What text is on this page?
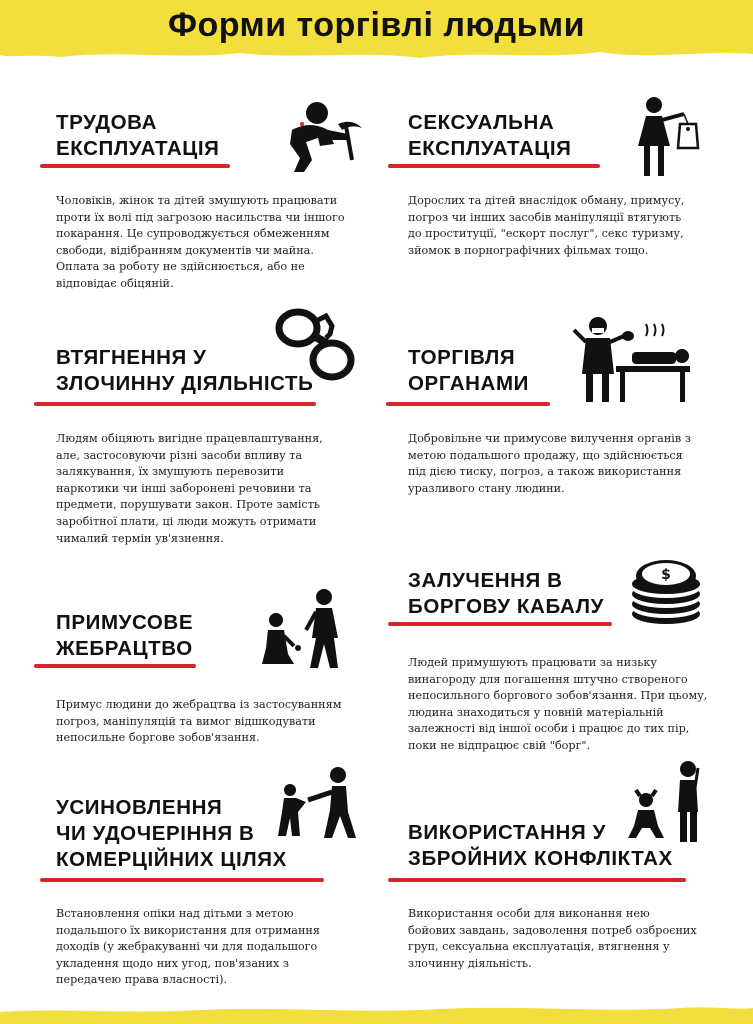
Форми торгівлі людьми
ТРУДОВА
ЕКСПЛУАТАЦІЯ
Чоловіків, жінок та дітей змушують працювати проти їх волі під загрозою насильства чи іншого покарання. Це супроводжується обмеженням свободи, відібранням документів чи майна. Оплата за роботу не здійснюється, або не відповідає обіцяній.
СЕКСУАЛЬНА
ЕКСПЛУАТАЦІЯ
Дорослих та дітей внаслідок обману, примусу, погроз чи інших засобів маніпуляції втягують до проституції, "ескорт послуг", секс туризму, зйомок в порнографічних фільмах тощо.
ВТЯГНЕННЯ У
ЗЛОЧИННУ ДІЯЛЬНІСТЬ
Людям обіцяють вигідне працевлаштування, але, застосовуючи різні засоби впливу та залякування, їх змушують перевозити наркотики чи інші заборонені речовини та предмети, порушувати закон. Проте замість заробітної плати, ці люди можуть отримати чималий термін ув'язнення.
ТОРГІВЛЯ
ОРГАНАМИ
Добровільне чи примусове вилучення органів з метою подальшого продажу, що здійснюється під дією тиску, погроз, а також використання уразливого стану людини.
ЗАЛУЧЕННЯ В
БОРГОВУ КАБАЛУ
Людей примушують працювати за низьку винагороду для погашення штучно створеного непосильного боргового зобов'язання. При цьому, людина знаходиться у повній матеріальній залежності від іншої особи і працює до тих пір, поки не відпрацює свій "борг".
$
ПРИМУСОВЕ
ЖЕБРАЦТВО
Примус людини до жебрацтва із застосуванням погроз, маніпуляцій та вимог відшкодувати непосильне боргове зобов'язання.
УСИНОВЛЕННЯ
ЧИ УДОЧЕРІННЯ В
КОМЕРЦІЙНИХ ЦІЛЯХ
Встановлення опіки над дітьми з метою подальшого їх використання для отримання доходів (у жебракуванні чи для подальшого укладення щодо них угод, пов'язаних з передачею права власності).
ВИКОРИСТАННЯ У
ЗБРОЙНИХ КОНФЛІКТАХ
Використання особи для виконання нею бойових завдань, задоволення потреб озброєних груп, сексуальна експлуатація, втягнення у злочинну діяльність.
